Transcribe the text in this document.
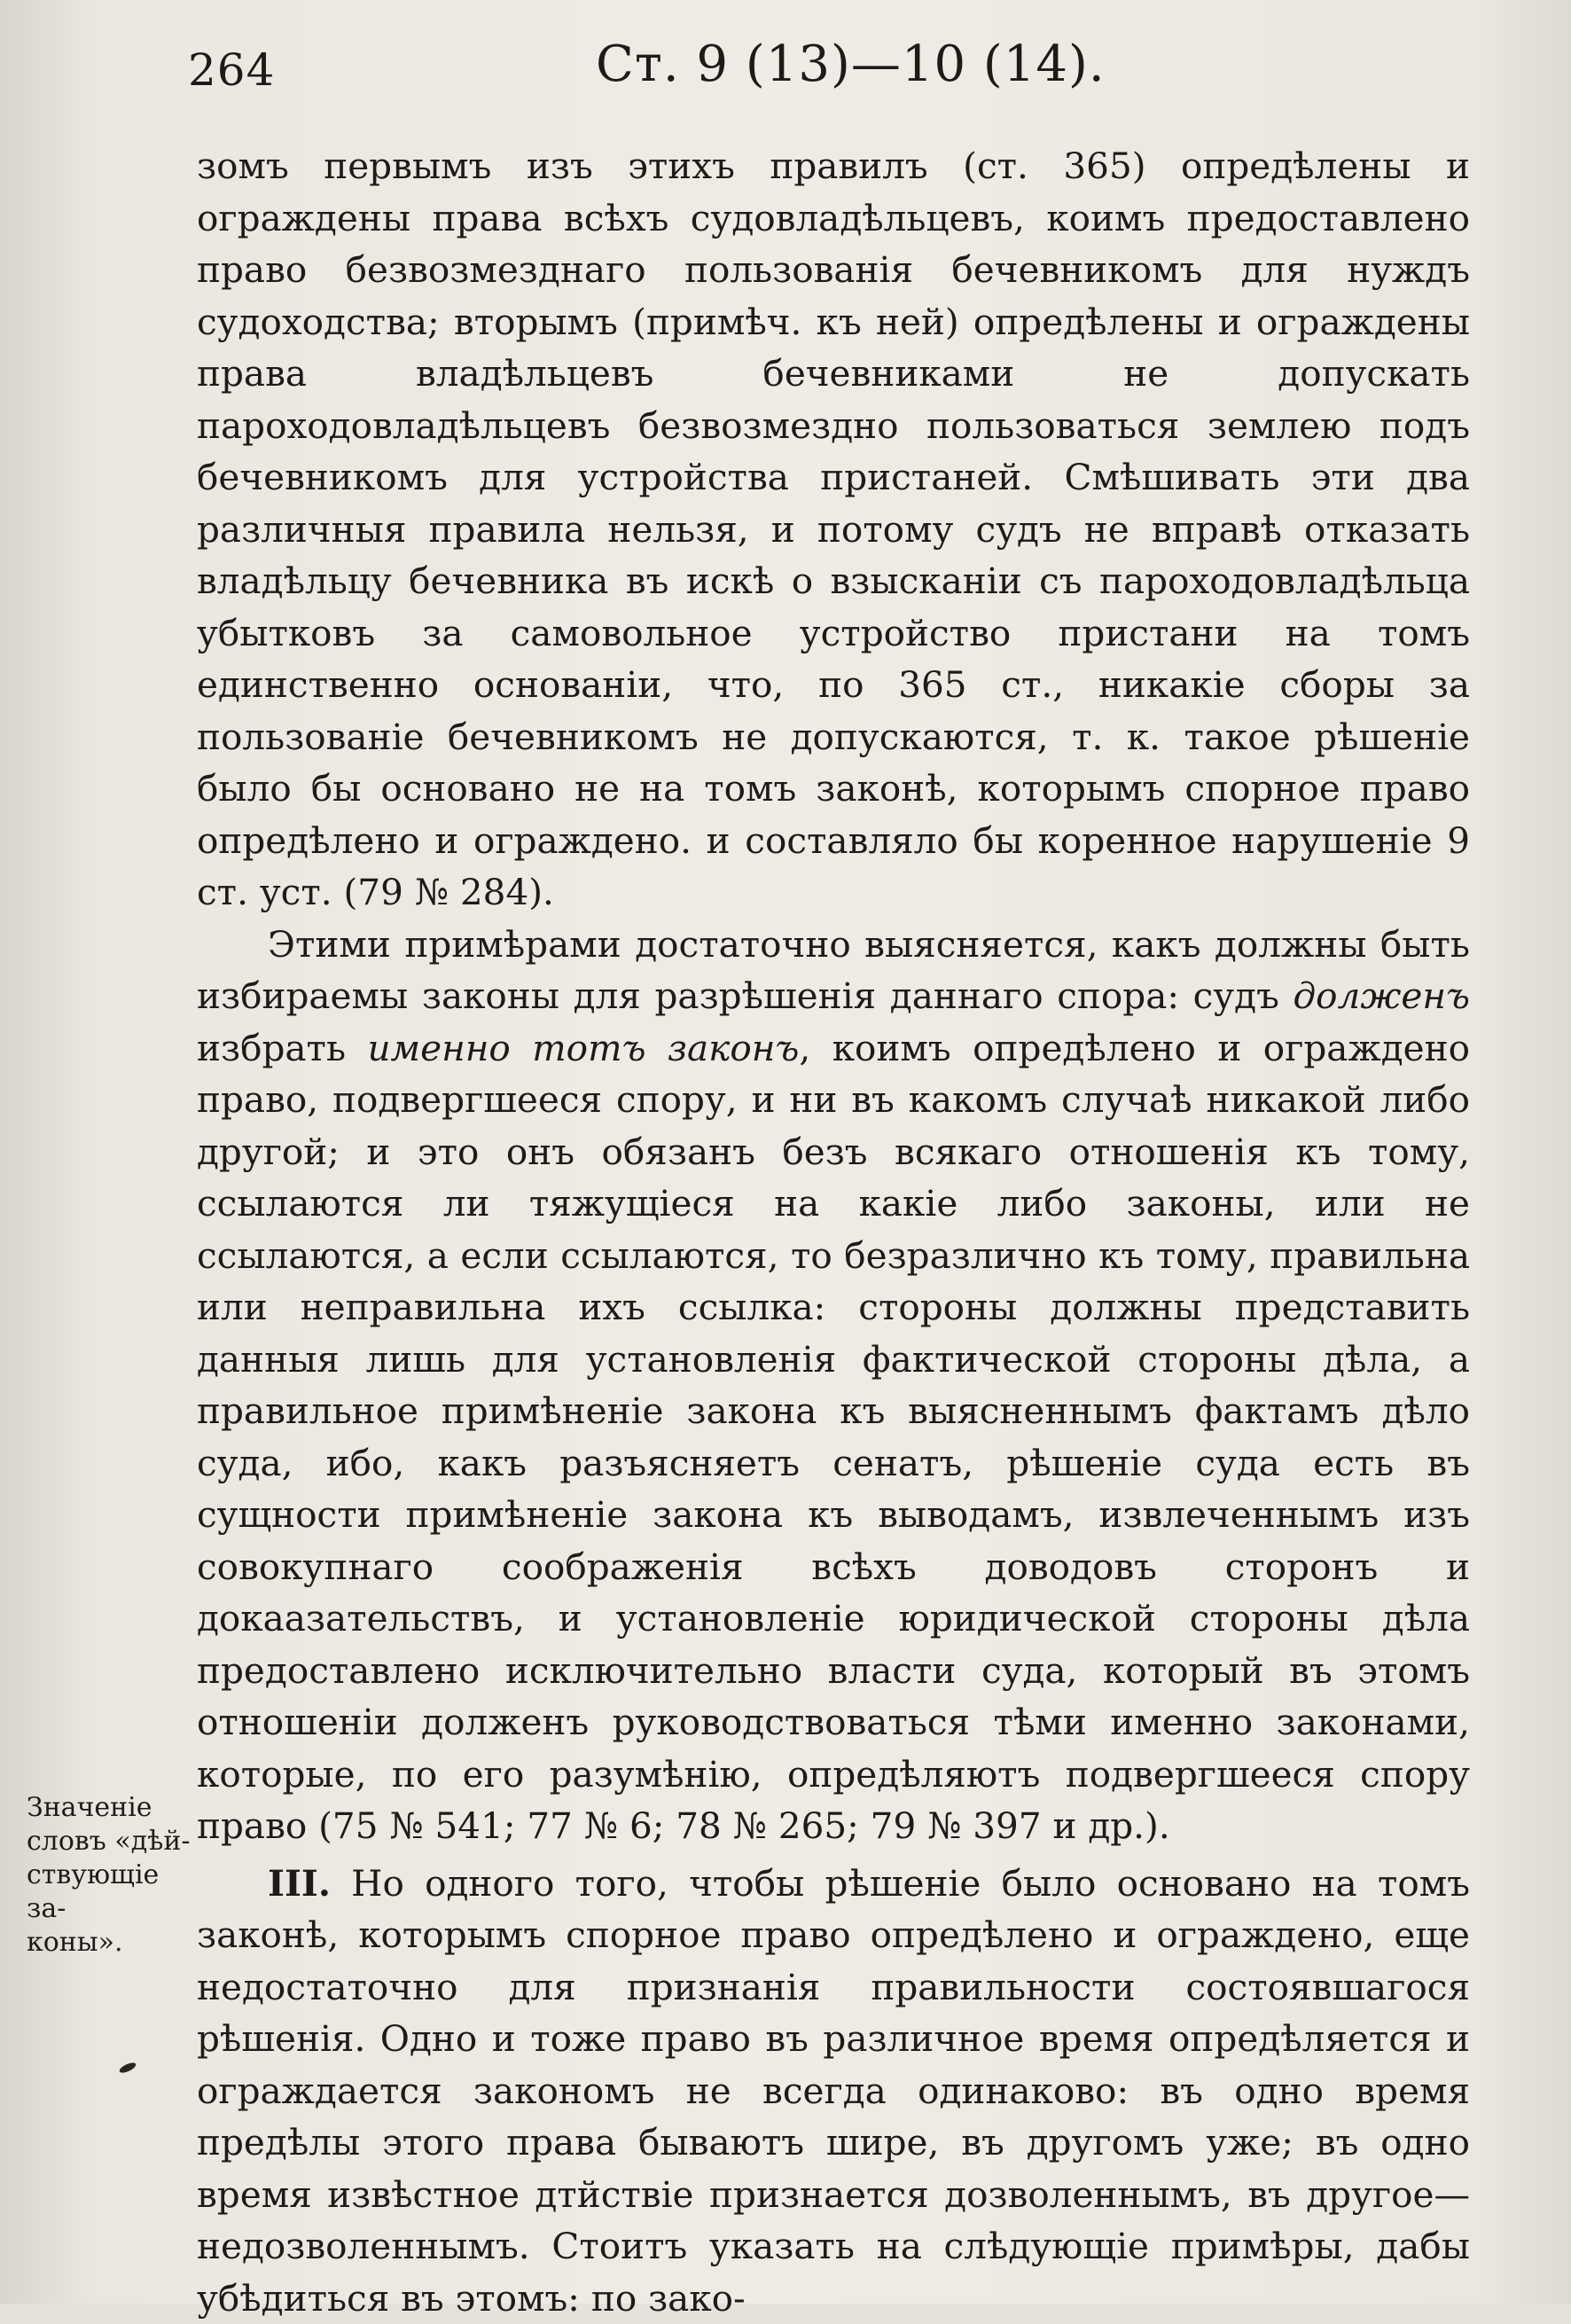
264	Ст. 9 (13)—10 (14).

зомъ первымъ изъ этихъ правилъ (ст. 365) опредѣлены и ограждены права всѣхъ судовладѣльцевъ, коимъ предоставлено право безвозмезднаго пользованія бечевникомъ для нуждъ судоходства; вторымъ (примѣч. къ ней) опредѣлены и ограждены права владѣльцевъ бечевниками не допускать пароходовладѣльцевъ безвозмездно пользоваться землею подъ бечевникомъ для устройства пристаней. Смѣшивать эти два различныя правила нельзя, и потому судъ не вправѣ отказать владѣльцу бечевника въ искѣ о взысканіи съ пароходовладѣльца убытковъ за самовольное устройство пристани на томъ единственно основаніи, что, по 365 ст., никакіе сборы за пользованіе бечевникомъ не допускаются, т. к. такое рѣшеніе было бы основано не на томъ законѣ, которымъ спорное право опредѣлено и ограждено. и составляло бы коренное нарушеніе 9 ст. уст. (79 № 284).

Этими примѣрами достаточно выясняется, какъ должны быть избираемы законы для разрѣшенія даннаго спора: судъ долженъ избрать именно тотъ законъ, коимъ опредѣлено и ограждено право, подвергшееся спору, и ни въ какомъ случаѣ никакой либо другой; и это онъ обязанъ безъ всякаго отношенія къ тому, ссылаются ли тяжущіеся на какіе либо законы, или не ссылаются, а если ссылаются, то безразлично къ тому, правильна или неправильна ихъ ссылка: стороны должны представить данныя лишь для установленія фактической стороны дѣла, а правильное примѣненіе закона къ выясненнымъ фактамъ дѣло суда, ибо, какъ разъясняетъ сенатъ, рѣшеніе суда есть въ сущности примѣненіе закона къ выводамъ, извлеченнымъ изъ совокупнаго соображенія всѣхъ доводовъ сторонъ и докаазательствъ, и установленіе юридической стороны дѣла предоставлено исключительно власти суда, который въ этомъ отношеніи долженъ руководствоваться тѣми именно законами, которые, по его разумѣнію, опредѣляютъ подвергшееся спору право (75 № 541; 77 № 6; 78 № 265; 79 № 397 и др.).

III. Но одного того, чтобы рѣшеніе было основано на томъ законѣ, которымъ спорное право опредѣлено и ограждено, еще недостаточно для признанія правильности состоявшагося рѣшенія. Одно и тоже право въ различное время опредѣляется и ограждается закономъ не всегда одинаково: въ одно время предѣлы этого права бываютъ шире, въ другомъ уже; въ одно время извѣстное дтйствіе признается дозволеннымъ, въ другое—недозволеннымъ. Стоитъ указать на слѣдующіе примѣры, дабы убѣдиться въ этомъ: по зако-

Значеніе
словъ «дѣй-
ствующіе за-
коны».
